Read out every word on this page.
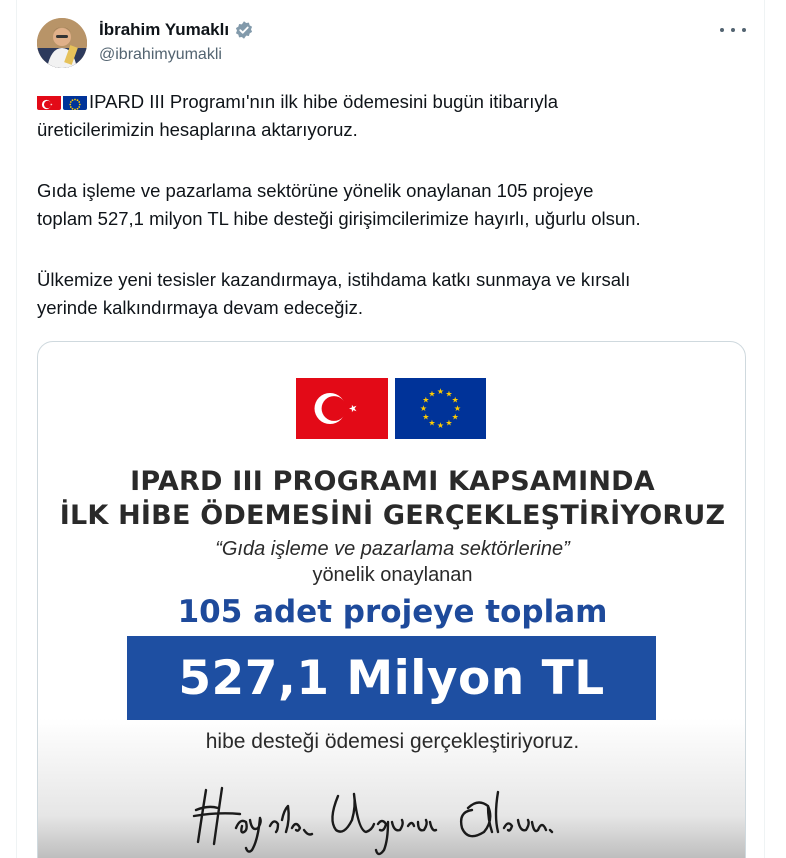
İbrahim Yumaklı
@ibrahimyumakli

IPARD III Programı'nın ilk hibe ödemesini bugün itibarıyla
üreticilerimizin hesaplarına aktarıyoruz.

Gıda işleme ve pazarlama sektörüne yönelik onaylanan 105 projeye
toplam 527,1 milyon TL hibe desteği girişimcilerimize hayırlı, uğurlu olsun.

Ülkemize yeni tesisler kazandırmaya, istihdama katkı sunmaya ve kırsalı
yerinde kalkındırmaya devam edeceğiz.

★ ★
★
★
★
★
★
★
★
★
★
★
IPARD III PROGRAMI KAPSAMINDA
İLK HİBE ÖDEMESİNİ GERÇEKLEŞTİRİYORUZ
“Gıda işleme ve pazarlama sektörlerine”
yönelik onaylanan
105 adet projeye toplam
527,1 Milyon TL
hibe desteği ödemesi gerçekleştiriyoruz.
